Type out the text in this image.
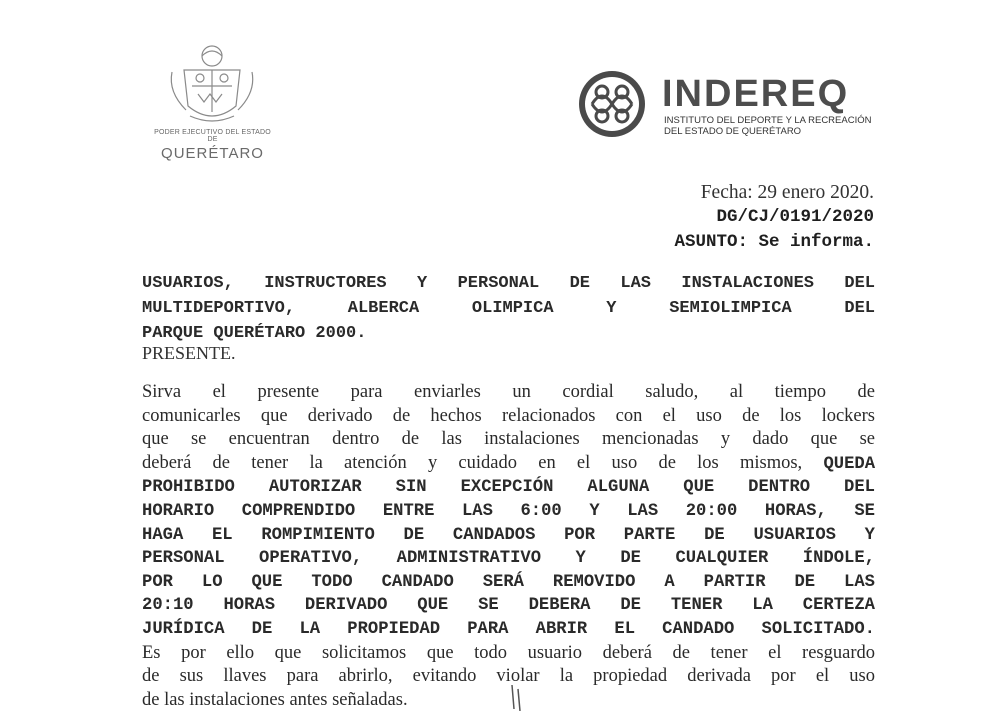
PODER EJECUTIVO DEL ESTADO DE
QUERÉTARO
INDEREQ
INSTITUTO DEL DEPORTE Y LA RECREACIÓN
DEL ESTADO DE QUERÉTARO
Fecha: 29 enero 2020.
DG/CJ/0191/2020
ASUNTO: Se informa.
USUARIOS, INSTRUCTORES Y PERSONAL DE LAS INSTALACIONES DEL
MULTIDEPORTIVO, ALBERCA OLIMPICA Y SEMIOLIMPICA DEL
PARQUE QUERÉTARO 2000.
PRESENTE.
Sirva el presente para enviarles un cordial saludo, al tiempo de
comunicarles que derivado de hechos relacionados con el uso de los lockers
que se encuentran dentro de las instalaciones mencionadas y dado que se
deberá de tener la atención y cuidado en el uso de los mismos, QUEDA
PROHIBIDO AUTORIZAR SIN EXCEPCIÓN ALGUNA QUE DENTRO DEL
HORARIO COMPRENDIDO ENTRE LAS 6:00 Y LAS 20:00 HORAS, SE
HAGA EL ROMPIMIENTO DE CANDADOS POR PARTE DE USUARIOS Y
PERSONAL OPERATIVO, ADMINISTRATIVO Y DE CUALQUIER ÍNDOLE,
POR LO QUE TODO CANDADO SERÁ REMOVIDO A PARTIR DE LAS
20:10 HORAS DERIVADO QUE SE DEBERA DE TENER LA CERTEZA
JURÍDICA DE LA PROPIEDAD PARA ABRIR EL CANDADO SOLICITADO.
Es por ello que solicitamos que todo usuario deberá de tener el resguardo
de sus llaves para abrirlo, evitando violar la propiedad derivada por el uso
de las instalaciones antes señaladas.
